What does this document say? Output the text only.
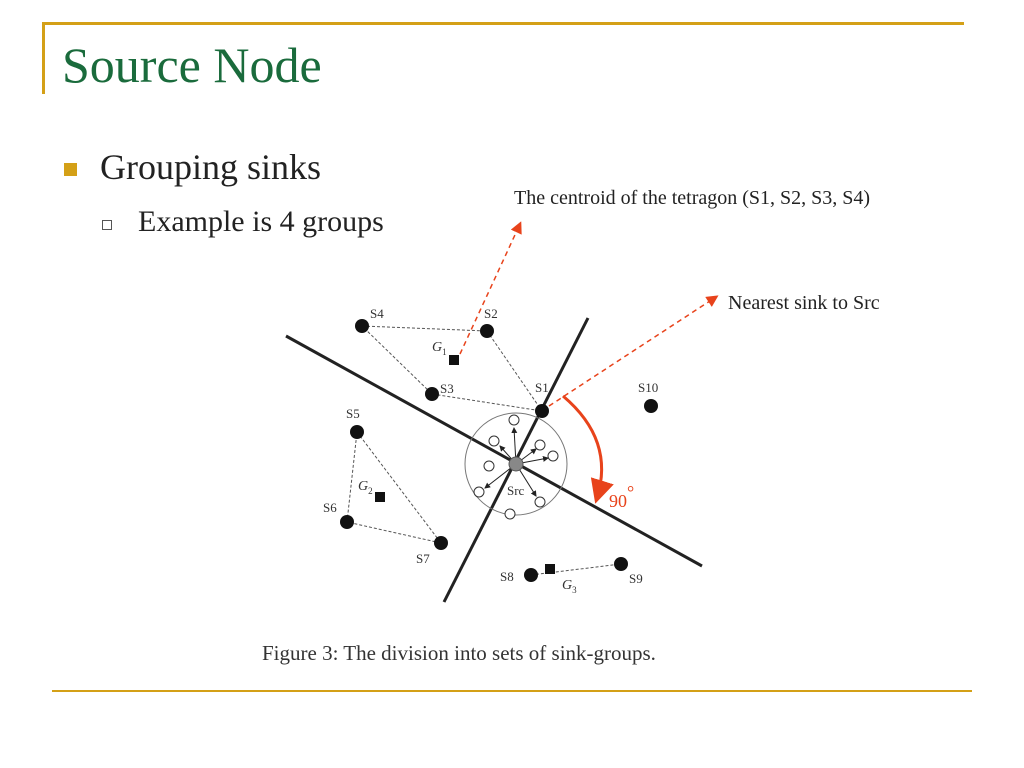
Source Node
Grouping sinks
Example is 4 groups
The centroid of the tetragon (S1, S2, S3, S4)
Nearest sink to Src
Src
S1
S2
S3
S4
S5
S6
S7
S8	S9
S10
$G_1$
$G_2$
$G_3$
90°
Figure 3: The division into sets of sink-groups.
